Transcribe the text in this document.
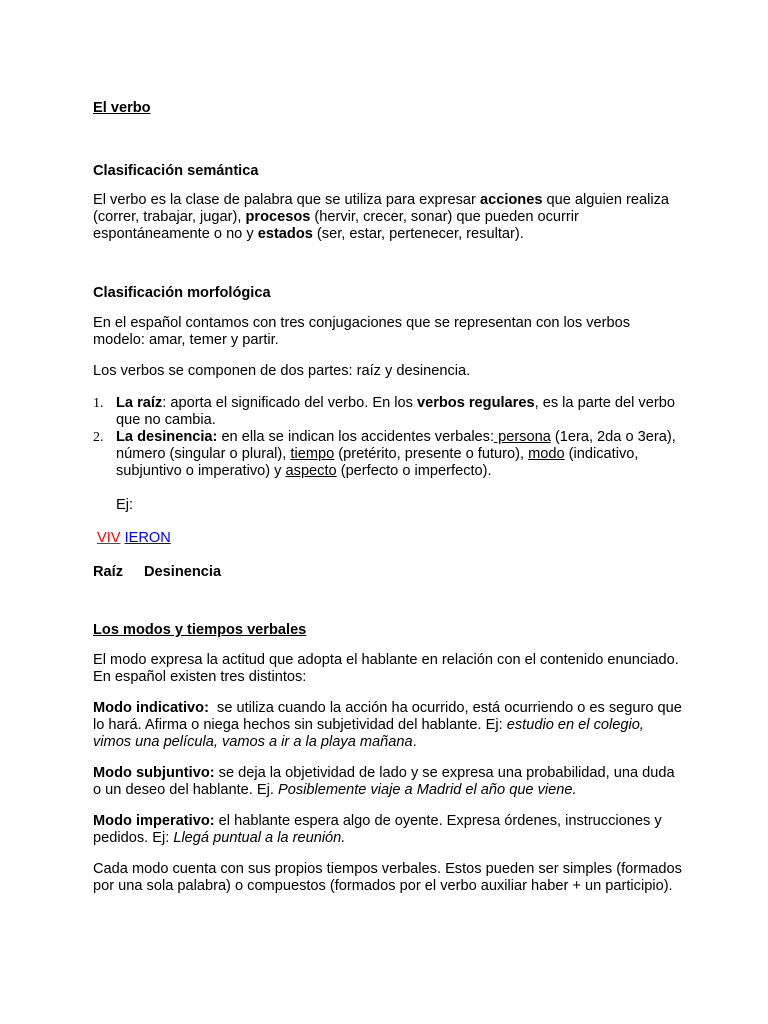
El verbo

Clasificación semántica

El verbo es la clase de palabra que se utiliza para expresar acciones que alguien realiza (correr, trabajar, jugar), procesos (hervir, crecer, sonar) que pueden ocurrir espontáneamente o no y estados (ser, estar, pertenecer, resultar).

Clasificación morfológica

En el español contamos con tres conjugaciones que se representan con los verbos modelo: amar, temer y partir.

Los verbos se componen de dos partes: raíz y desinencia.

1. La raíz: aporta el significado del verbo. En los verbos regulares, es la parte del verbo que no cambia.
2. La desinencia: en ella se indican los accidentes verbales: persona (1era, 2da o 3era), número (singular o plural), tiempo (pretérito, presente o futuro), modo (indicativo, subjuntivo o imperativo) y aspecto (perfecto o imperfecto).

Ej:

VIV IERON

Raíz Desinencia

Los modos y tiempos verbales

El modo expresa la actitud que adopta el hablante en relación con el contenido enunciado. En español existen tres distintos:

Modo indicativo:  se utiliza cuando la acción ha ocurrido, está ocurriendo o es seguro que lo hará. Afirma o niega hechos sin subjetividad del hablante. Ej: estudio en el colegio, vimos una película, vamos a ir a la playa mañana.

Modo subjuntivo: se deja la objetividad de lado y se expresa una probabilidad, una duda o un deseo del hablante. Ej. Posiblemente viaje a Madrid el año que viene.

Modo imperativo: el hablante espera algo de oyente. Expresa órdenes, instrucciones y pedidos. Ej: Llegá puntual a la reunión.

Cada modo cuenta con sus propios tiempos verbales. Estos pueden ser simples (formados por una sola palabra) o compuestos (formados por el verbo auxiliar haber + un participio).
